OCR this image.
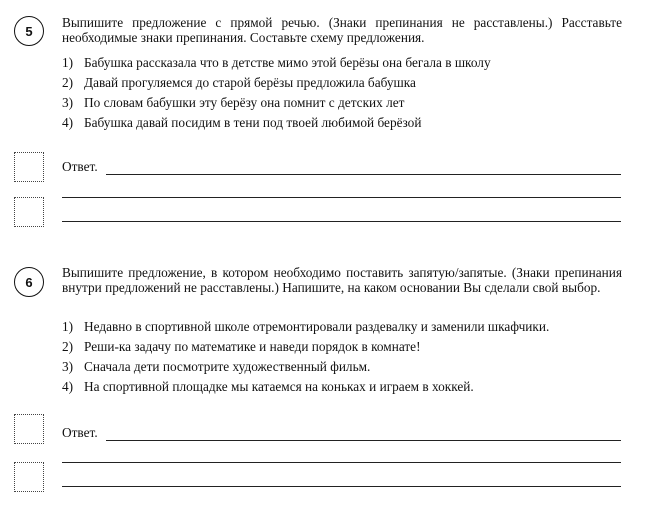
5
Выпишите предложение с прямой речью. (Знаки препинания не расставлены.) Расставьте необходимые знаки препинания. Составьте схему предложения.
1) Бабушка рассказала что в детстве мимо этой берёзы она бегала в школу
2) Давай прогуляемся до старой берёзы предложила бабушка
3) По словам бабушки эту берёзу она помнит с детских лет
4) Бабушка давай посидим в тени под твоей любимой берёзой
Ответ.
6
Выпишите предложение, в котором необходимо поставить запятую/запятые. (Знаки препинания внутри предложений не расставлены.) Напишите, на каком основании Вы сделали свой выбор.
1) Недавно в спортивной школе отремонтировали раздевалку и заменили шкафчики.
2) Реши-ка задачу по математике и наведи порядок в комнате!
3) Сначала дети посмотрите художественный фильм.
4) На спортивной площадке мы катаемся на коньках и играем в хоккей.
Ответ.
